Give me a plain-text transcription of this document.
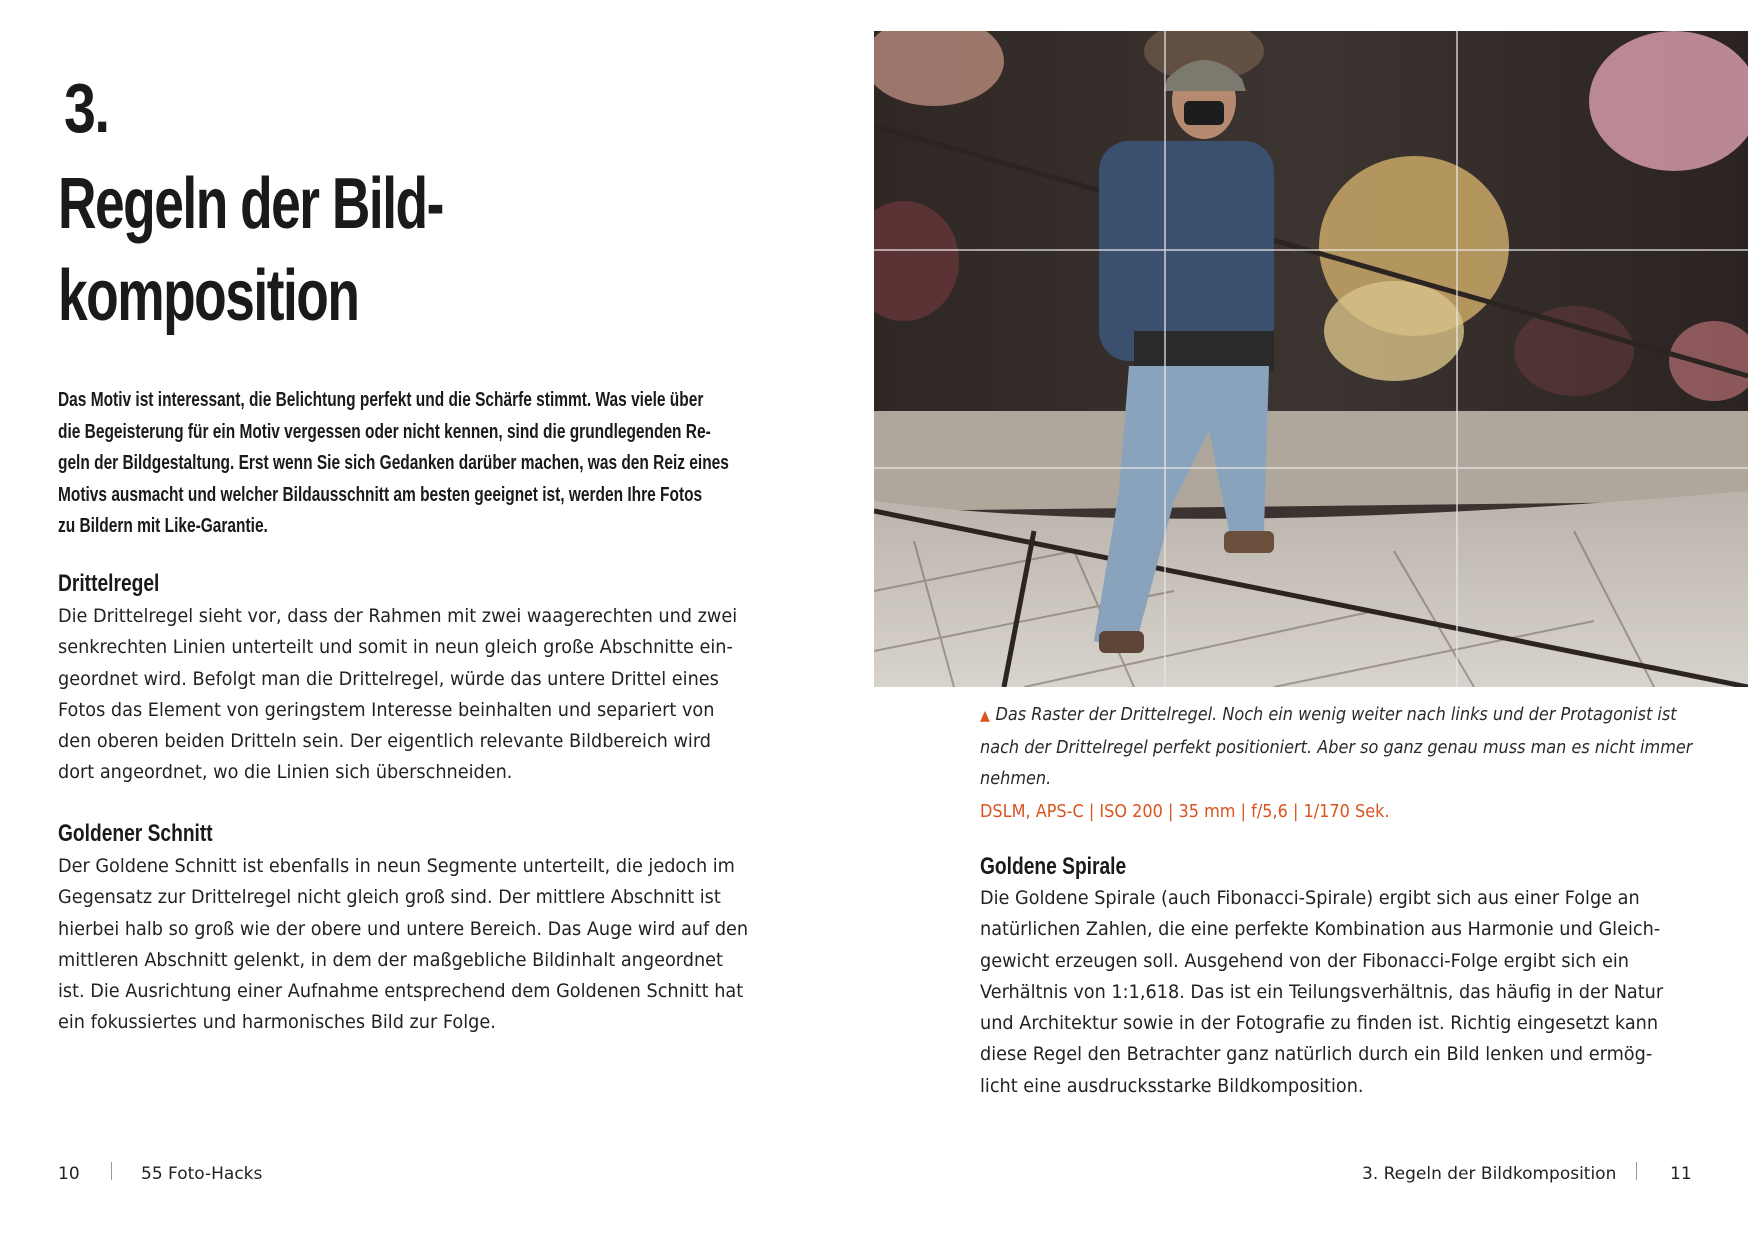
3.
Regeln der Bild-
komposition

Das Motiv ist interessant, die Belichtung perfekt und die Schärfe stimmt. Was viele über
die Begeisterung für ein Motiv vergessen oder nicht kennen, sind die grundlegenden Re-
geln der Bildgestaltung. Erst wenn Sie sich Gedanken darüber machen, was den Reiz eines
Motivs ausmacht und welcher Bildausschnitt am besten geeignet ist, werden Ihre Fotos
zu Bildern mit Like-Garantie.

Drittelregel

Die Drittelregel sieht vor, dass der Rahmen mit zwei waagerechten und zwei
senkrechten Linien unterteilt und somit in neun gleich große Abschnitte ein-
geordnet wird. Befolgt man die Drittelregel, würde das untere Drittel eines
Fotos das Element von geringstem Interesse beinhalten und separiert von
den oberen beiden Dritteln sein. Der eigentlich relevante Bildbereich wird
dort angeordnet, wo die Linien sich überschneiden.

Goldener Schnitt

Der Goldene Schnitt ist ebenfalls in neun Segmente unterteilt, die jedoch im
Gegensatz zur Drittelregel nicht gleich groß sind. Der mittlere Abschnitt ist
hierbei halb so groß wie der obere und untere Bereich. Das Auge wird auf den
mittleren Abschnitt gelenkt, in dem der maßgebliche Bildinhalt angeordnet
ist. Die Ausrichtung einer Aufnahme entsprechend dem Goldenen Schnitt hat
ein fokussiertes und harmonisches Bild zur Folge.

10	55 Foto-Hacks

▲ Das Raster der Drittelregel. Noch ein wenig weiter nach links und der Protagonist ist
nach der Drittelregel perfekt positioniert. Aber so ganz genau muss man es nicht immer
nehmen.

DSLM, APS-C | ISO 200 | 35 mm | f/5,6 | 1/170 Sek.
Goldene Spirale

Die Goldene Spirale (auch Fibonacci-Spirale) ergibt sich aus einer Folge an
natürlichen Zahlen, die eine perfekte Kombination aus Harmonie und Gleich-
gewicht erzeugen soll. Ausgehend von der Fibonacci-Folge ergibt sich ein
Verhältnis von 1:1,618. Das ist ein Teilungsverhältnis, das häufig in der Natur
und Architektur sowie in der Fotografie zu finden ist. Richtig eingesetzt kann
diese Regel den Betrachter ganz natürlich durch ein Bild lenken und ermög-
licht eine ausdrucksstarke Bildkomposition.

3. Regeln der Bildkomposition	11
